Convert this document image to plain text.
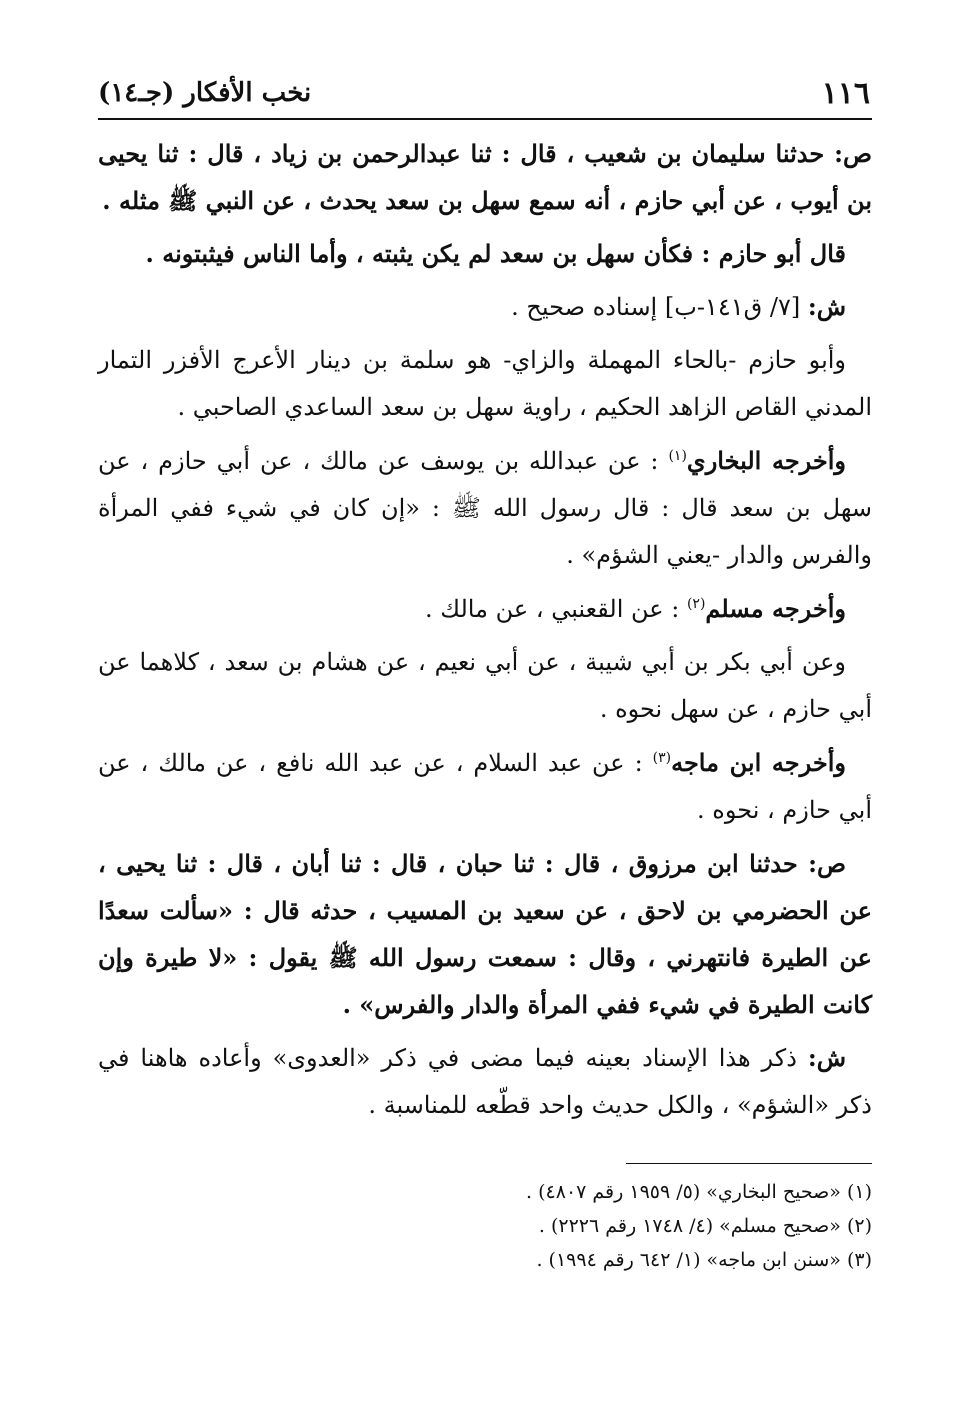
١١٦
نخب الأفكار (جـ١٤)

ص: حدثنا سليمان بن شعيب ، قال : ثنا عبدالرحمن بن زياد ، قال : ثنا يحيى بن أيوب ، عن أبي حازم ، أنه سمع سهل بن سعد يحدث ، عن النبي ﷺ مثله .

قال أبو حازم : فكأن سهل بن سعد لم يكن يثبته ، وأما الناس فيثبتونه .

ش: [٧/ ق١٤١-ب] إسناده صحيح .

وأبو حازم -بالحاء المهملة والزاي- هو سلمة بن دينار الأعرج الأفزر التمار المدني القاص الزاهد الحكيم ، راوية سهل بن سعد الساعدي الصاحبي .

وأخرجه البخاري$^{(١)}$ : عن عبدالله بن يوسف عن مالك ، عن أبي حازم ، عن سهل بن سعد قال : قال رسول الله ﷺ : «إن كان في شيء ففي المرأة والفرس والدار -يعني الشؤم» .

وأخرجه مسلم$^{(٢)}$ : عن القعنبي ، عن مالك .

وعن أبي بكر بن أبي شيبة ، عن أبي نعيم ، عن هشام بن سعد ، كلاهما عن أبي حازم ، عن سهل نحوه .

وأخرجه ابن ماجه$^{(٣)}$ : عن عبد السلام ، عن عبد الله نافع ، عن مالك ، عن أبي حازم ، نحوه .

ص: حدثنا ابن مرزوق ، قال : ثنا حبان ، قال : ثنا أبان ، قال : ثنا يحيى ، عن الحضرمي بن لاحق ، عن سعيد بن المسيب ، حدثه قال : «سألت سعدًا عن الطيرة فانتهرني ، وقال : سمعت رسول الله ﷺ يقول : «لا طيرة وإن كانت الطيرة في شيء ففي المرأة والدار والفرس» .

ش: ذكر هذا الإسناد بعينه فيما مضى في ذكر «العدوى» وأعاده هاهنا في ذكر «الشؤم» ، والكل حديث واحد قطّعه للمناسبة .

(١) «صحيح البخاري» (٥/ ١٩٥٩ رقم ٤٨٠٧) .

(٢) «صحيح مسلم» (٤/ ١٧٤٨ رقم ٢٢٢٦) .

(٣) «سنن ابن ماجه» (١/ ٦٤٢ رقم ١٩٩٤) .
